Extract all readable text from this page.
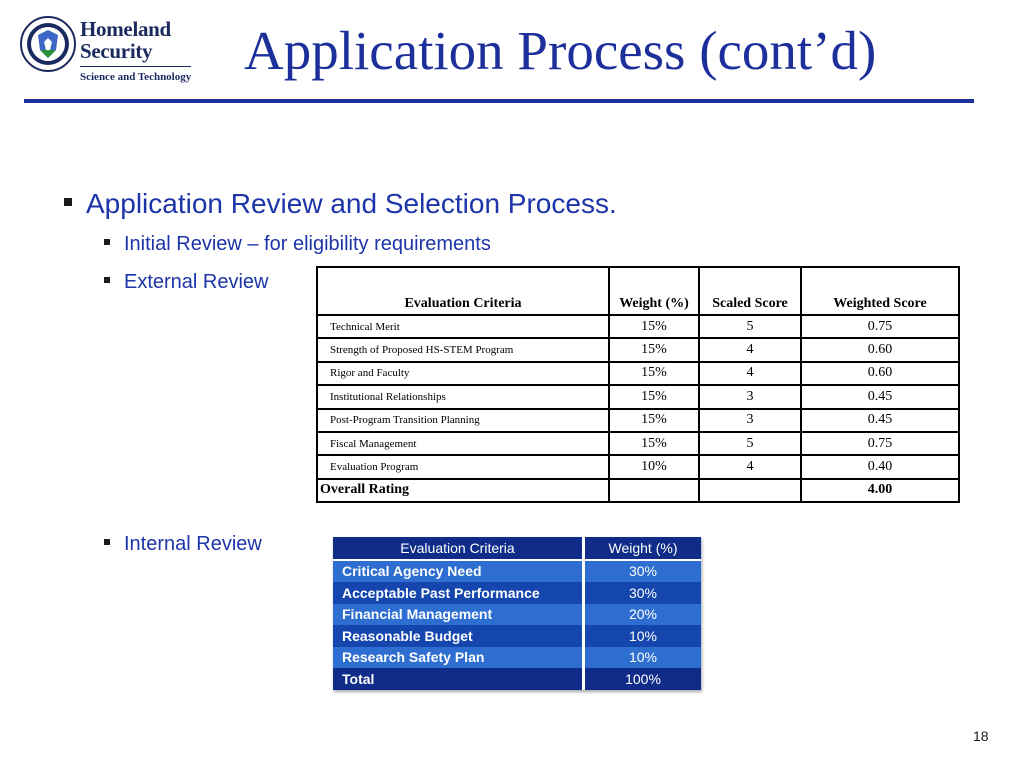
Homeland
Security
Science and Technology Application Process (cont’d)
Application Review and Selection Process.
Initial Review – for eligibility requirements
External Review
Internal Review
Evaluation Criteria	Weight (%)	Scaled Score	Weighted Score
Technical Merit	15%	5	0.75
Strength of Proposed HS-STEM Program	15%	4	0.60
Rigor and Faculty	15%	4	0.60
Institutional Relationships	15%	3	0.45
Post-Program Transition Planning	15%	3	0.45
Fiscal Management	15%	5	0.75
Evaluation Program	10%	4	0.40
Overall Rating			4.00
Evaluation Criteria	Weight (%)
Critical Agency Need	30%
Acceptable Past Performance	30%
Financial Management	20%
Reasonable Budget	10%
Research Safety Plan	10%
Total	100%
18
